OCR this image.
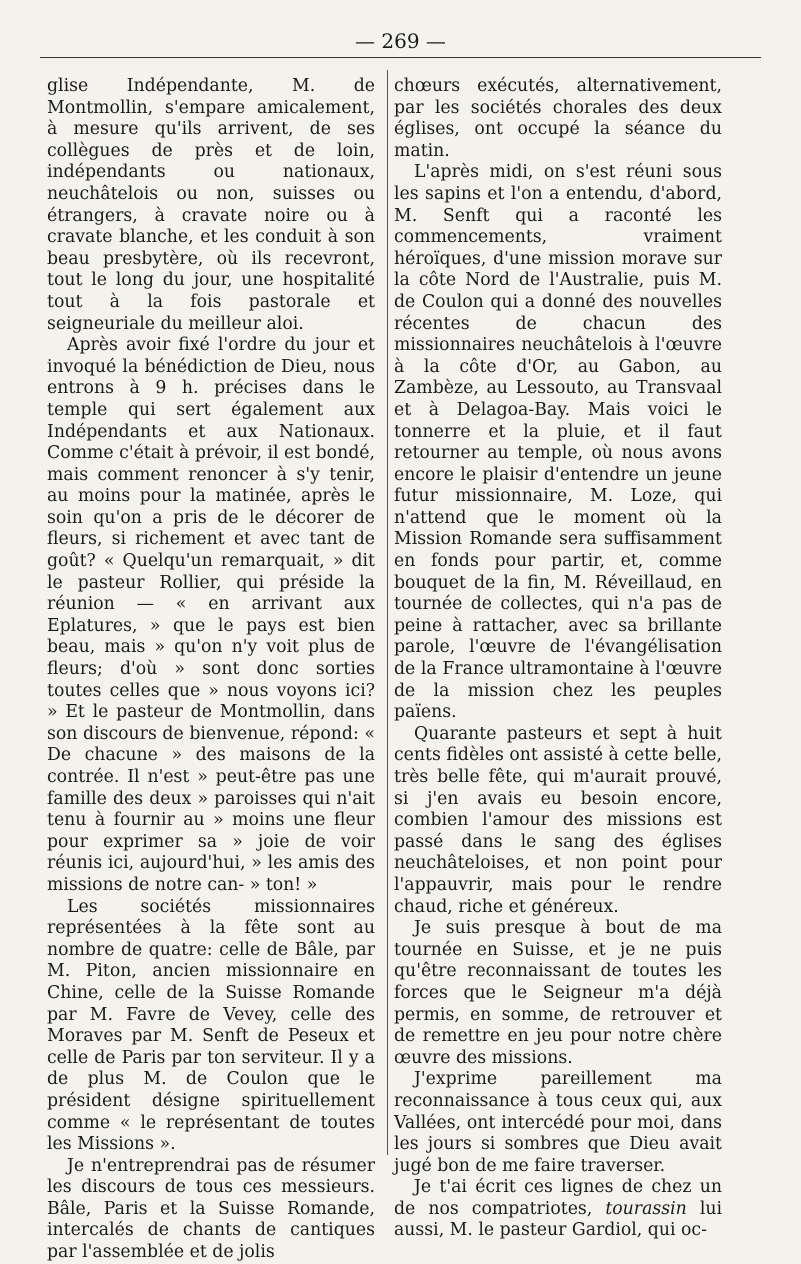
— 269 —

glise Indépendante, M. de Montmollin, s'empare amicalement, à mesure qu'ils arrivent, de ses collègues de près et de loin, indépendants ou nationaux, neuchâtelois ou non, suisses ou étrangers, à cravate noire ou à cravate blanche, et les conduit à son beau presbytère, où ils recevront, tout le long du jour, une hospitalité tout à la fois pastorale et seigneuriale du meilleur aloi.

Après avoir fixé l'ordre du jour et invoqué la bénédiction de Dieu, nous entrons à 9 h. précises dans le temple qui sert également aux Indépendants et aux Nationaux. Comme c'était à prévoir, il est bondé, mais comment renoncer à s'y tenir, au moins pour la matinée, après le soin qu'on a pris de le décorer de fleurs, si richement et avec tant de goût? « Quelqu'un remarquait, » dit le pasteur Rollier, qui préside la réunion — « en arrivant aux Eplatures, » que le pays est bien beau, mais » qu'on n'y voit plus de fleurs; d'où » sont donc sorties toutes celles que » nous voyons ici? » Et le pasteur de Montmollin, dans son discours de bienvenue, répond: « De chacune » des maisons de la contrée. Il n'est » peut-être pas une famille des deux » paroisses qui n'ait tenu à fournir au » moins une fleur pour exprimer sa » joie de voir réunis ici, aujourd'hui, » les amis des missions de notre can- » ton! »

Les sociétés missionnaires représentées à la fête sont au nombre de quatre: celle de Bâle, par M. Piton, ancien missionnaire en Chine, celle de la Suisse Romande par M. Favre de Vevey, celle des Moraves par M. Senft de Peseux et celle de Paris par ton serviteur. Il y a de plus M. de Coulon que le président désigne spirituellement comme « le représentant de toutes les Missions ».

Je n'entreprendrai pas de résumer les discours de tous ces messieurs. Bâle, Paris et la Suisse Romande, intercalés de chants de cantiques par l'assemblée et de jolis

chœurs exécutés, alternativement, par les sociétés chorales des deux églises, ont occupé la séance du matin.

L'après midi, on s'est réuni sous les sapins et l'on a entendu, d'abord, M. Senft qui a raconté les commencements, vraiment héroïques, d'une mission morave sur la côte Nord de l'Australie, puis M. de Coulon qui a donné des nouvelles récentes de chacun des missionnaires neuchâtelois à l'œuvre à la côte d'Or, au Gabon, au Zambèze, au Lessouto, au Transvaal et à Delagoa-Bay. Mais voici le tonnerre et la pluie, et il faut retourner au temple, où nous avons encore le plaisir d'entendre un jeune futur missionnaire, M. Loze, qui n'attend que le moment où la Mission Romande sera suffisamment en fonds pour partir, et, comme bouquet de la fin, M. Réveillaud, en tournée de collectes, qui n'a pas de peine à rattacher, avec sa brillante parole, l'œuvre de l'évangélisation de la France ultramontaine à l'œuvre de la mission chez les peuples païens.

Quarante pasteurs et sept à huit cents fidèles ont assisté à cette belle, très belle fête, qui m'aurait prouvé, si j'en avais eu besoin encore, combien l'amour des missions est passé dans le sang des églises neuchâteloises, et non point pour l'appauvrir, mais pour le rendre chaud, riche et généreux.

Je suis presque à bout de ma tournée en Suisse, et je ne puis qu'être reconnaissant de toutes les forces que le Seigneur m'a déjà permis, en somme, de retrouver et de remettre en jeu pour notre chère œuvre des missions.

J'exprime pareillement ma reconnaissance à tous ceux qui, aux Vallées, ont intercédé pour moi, dans les jours si sombres que Dieu avait jugé bon de me faire traverser.

Je t'ai écrit ces lignes de chez un de nos compatriotes, tourassin lui aussi, M. le pasteur Gardiol, qui oc-
